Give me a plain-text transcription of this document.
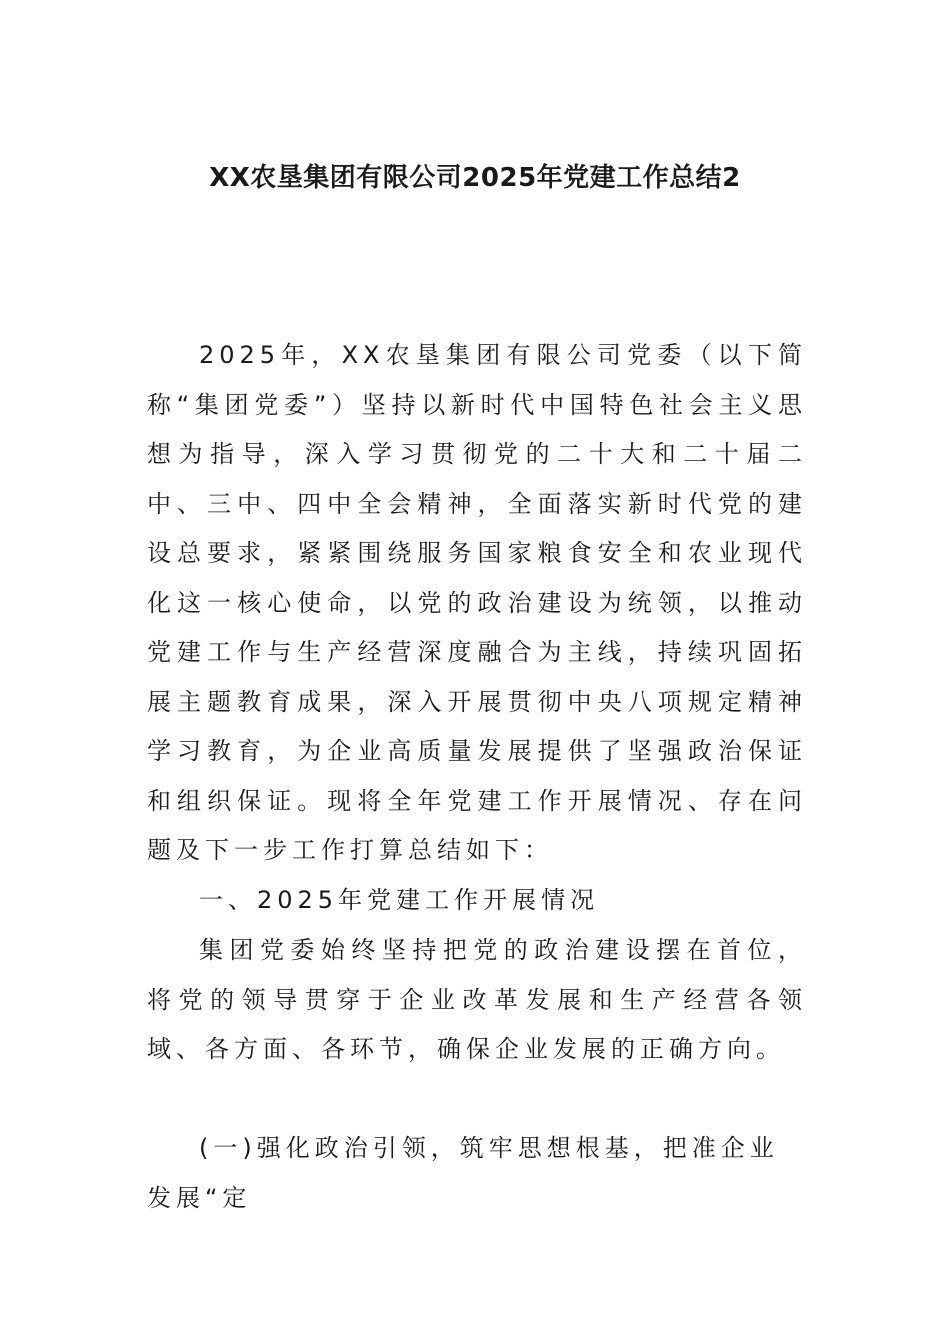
XX农垦集团有限公司2025年党建工作总结2

2025年，XX农垦集团有限公司党委（以下简称“集团党委”）坚持以新时代中国特色社会主义思想为指导，深入学习贯彻党的二十大和二十届二中、三中、四中全会精神，全面落实新时代党的建设总要求，紧紧围绕服务国家粮食安全和农业现代化这一核心使命，以党的政治建设为统领，以推动党建工作与生产经营深度融合为主线，持续巩固拓展主题教育成果，深入开展贯彻中央八项规定精神学习教育，为企业高质量发展提供了坚强政治保证和组织保证。现将全年党建工作开展情况、存在问题及下一步工作打算总结如下：

一、2025年党建工作开展情况

集团党委始终坚持把党的政治建设摆在首位，将党的领导贯穿于企业改革发展和生产经营各领域、各方面、各环节，确保企业发展的正确方向。

(一)强化政治引领，筑牢思想根基，把准企业发展“定
